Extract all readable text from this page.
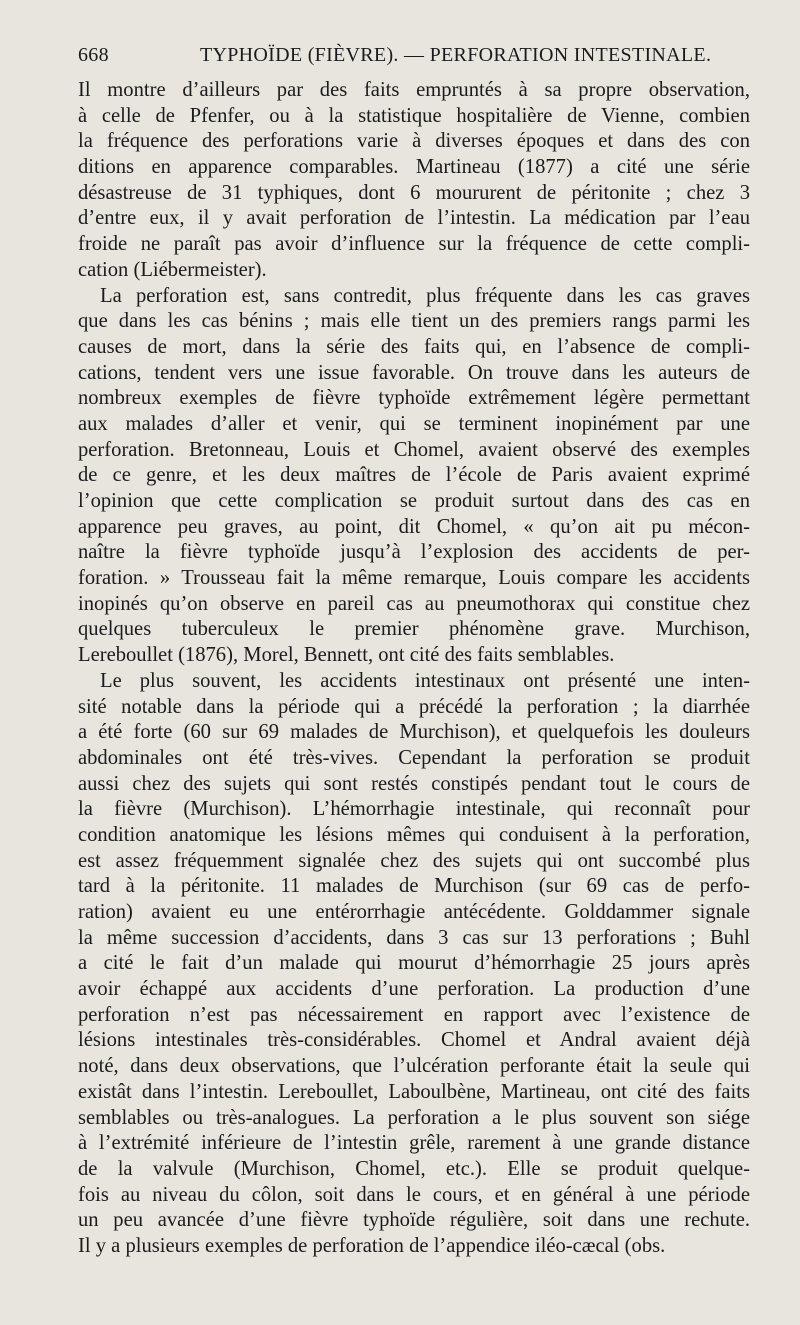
668	TYPHOÏDE (FIÈVRE). — PERFORATION INTESTINALE.
Il montre d’ailleurs par des faits empruntés à sa propre observation,
à celle de Pfenfer, ou à la statistique hospitalière de Vienne, combien
la fréquence des perforations varie à diverses époques et dans des con
ditions en apparence comparables. Martineau (1877) a cité une série
désastreuse de 31 typhiques, dont 6 moururent de péritonite ; chez 3
d’entre eux, il y avait perforation de l’intestin. La médication par l’eau
froide ne paraît pas avoir d’influence sur la fréquence de cette compli-
cation (Liébermeister).
La perforation est, sans contredit, plus fréquente dans les cas graves
que dans les cas bénins ; mais elle tient un des premiers rangs parmi les
causes de mort, dans la série des faits qui, en l’absence de compli-
cations, tendent vers une issue favorable. On trouve dans les auteurs de
nombreux exemples de fièvre typhoïde extrêmement légère permettant
aux malades d’aller et venir, qui se terminent inopinément par une
perforation. Bretonneau, Louis et Chomel, avaient observé des exemples
de ce genre, et les deux maîtres de l’école de Paris avaient exprimé
l’opinion que cette complication se produit surtout dans des cas en
apparence peu graves, au point, dit Chomel, « qu’on ait pu mécon-
naître la fièvre typhoïde jusqu’à l’explosion des accidents de per-
foration. » Trousseau fait la même remarque, Louis compare les accidents
inopinés qu’on observe en pareil cas au pneumothorax qui constitue chez
quelques tuberculeux le premier phénomène grave. Murchison,
Lereboullet (1876), Morel, Bennett, ont cité des faits semblables.
Le plus souvent, les accidents intestinaux ont présenté une inten-
sité notable dans la période qui a précédé la perforation ; la diarrhée
a été forte (60 sur 69 malades de Murchison), et quelquefois les douleurs
abdominales ont été très-vives. Cependant la perforation se produit
aussi chez des sujets qui sont restés constipés pendant tout le cours de
la fièvre (Murchison). L’hémorrhagie intestinale, qui reconnaît pour
condition anatomique les lésions mêmes qui conduisent à la perforation,
est assez fréquemment signalée chez des sujets qui ont succombé plus
tard à la péritonite. 11 malades de Murchison (sur 69 cas de perfo-
ration) avaient eu une entérorrhagie antécédente. Golddammer signale
la même succession d’accidents, dans 3 cas sur 13 perforations ; Buhl
a cité le fait d’un malade qui mourut d’hémorrhagie 25 jours après
avoir échappé aux accidents d’une perforation. La production d’une
perforation n’est pas nécessairement en rapport avec l’existence de
lésions intestinales très-considérables. Chomel et Andral avaient déjà
noté, dans deux observations, que l’ulcération perforante était la seule qui
existât dans l’intestin. Lereboullet, Laboulbène, Martineau, ont cité des faits
semblables ou très-analogues. La perforation a le plus souvent son siége
à l’extrémité inférieure de l’intestin grêle, rarement à une grande distance
de la valvule (Murchison, Chomel, etc.). Elle se produit quelque-
fois au niveau du côlon, soit dans le cours, et en général à une période
un peu avancée d’une fièvre typhoïde régulière, soit dans une rechute.
Il y a plusieurs exemples de perforation de l’appendice iléo-cæcal (obs.
